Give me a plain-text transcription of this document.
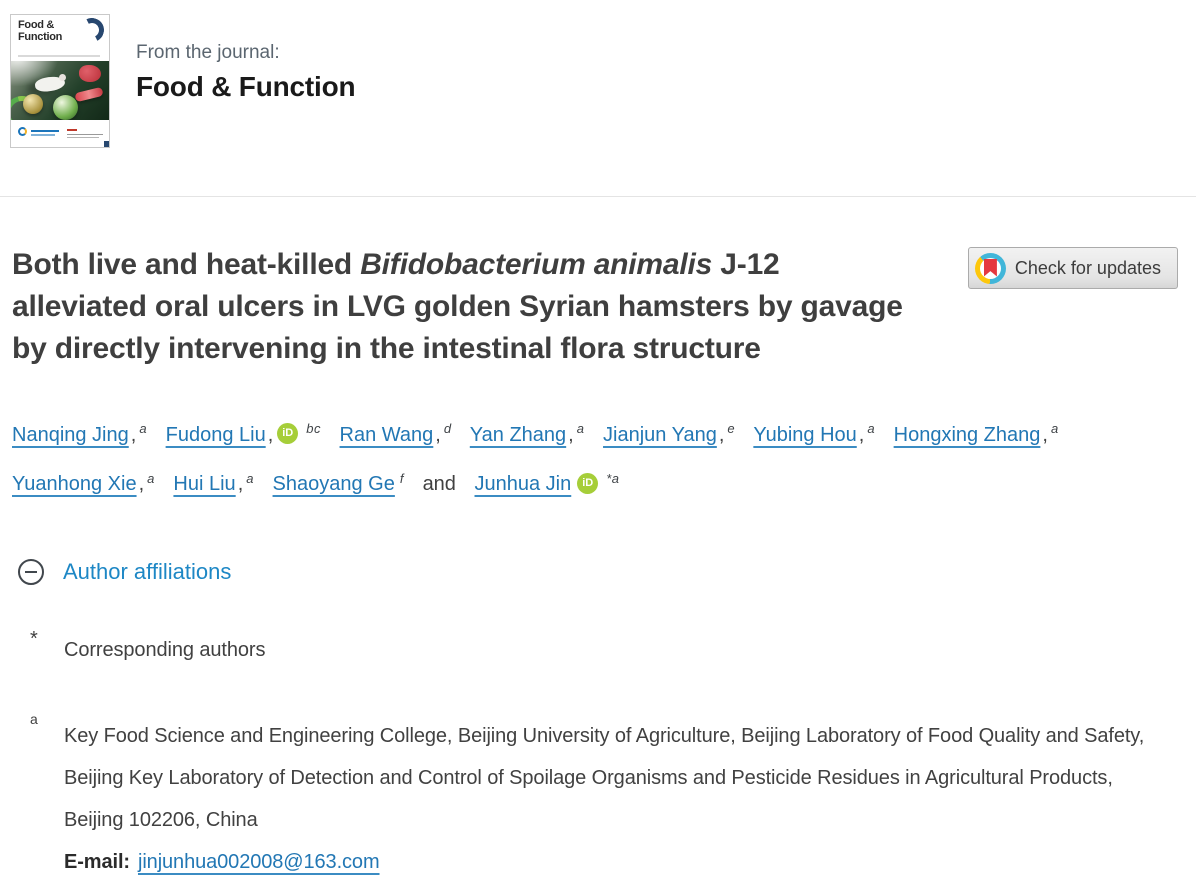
Food &
Function
From the journal:
Food & Function
Both live and heat-killed Bifidobacterium animalis J-12 alleviated oral ulcers in LVG golden Syrian hamsters by gavage by directly intervening in the intestinal flora structure
Check for updates

Nanqing Jing , $^a$ Fudong Liu , iD $^{bc}$ Ran Wang , $^d$ Yan Zhang , $^a$ Jianjun Yang , $^e$ Yubing Hou , $^a$ Hongxing Zhang , $^a$ Yuanhong Xie , $^a$ Hui Liu , $^a$ Shaoyang Ge $^f$ and Junhua Jin iD $^{*a}$

Author affiliations
*	Corresponding authors
a
Key Food Science and Engineering College, Beijing University of Agriculture, Beijing Laboratory of Food Quality and Safety, Beijing Key Laboratory of Detection and Control of Spoilage Organisms and Pesticide Residues in Agricultural Products, Beijing 102206, China
E-mail: jinjunhua002008@163.com
